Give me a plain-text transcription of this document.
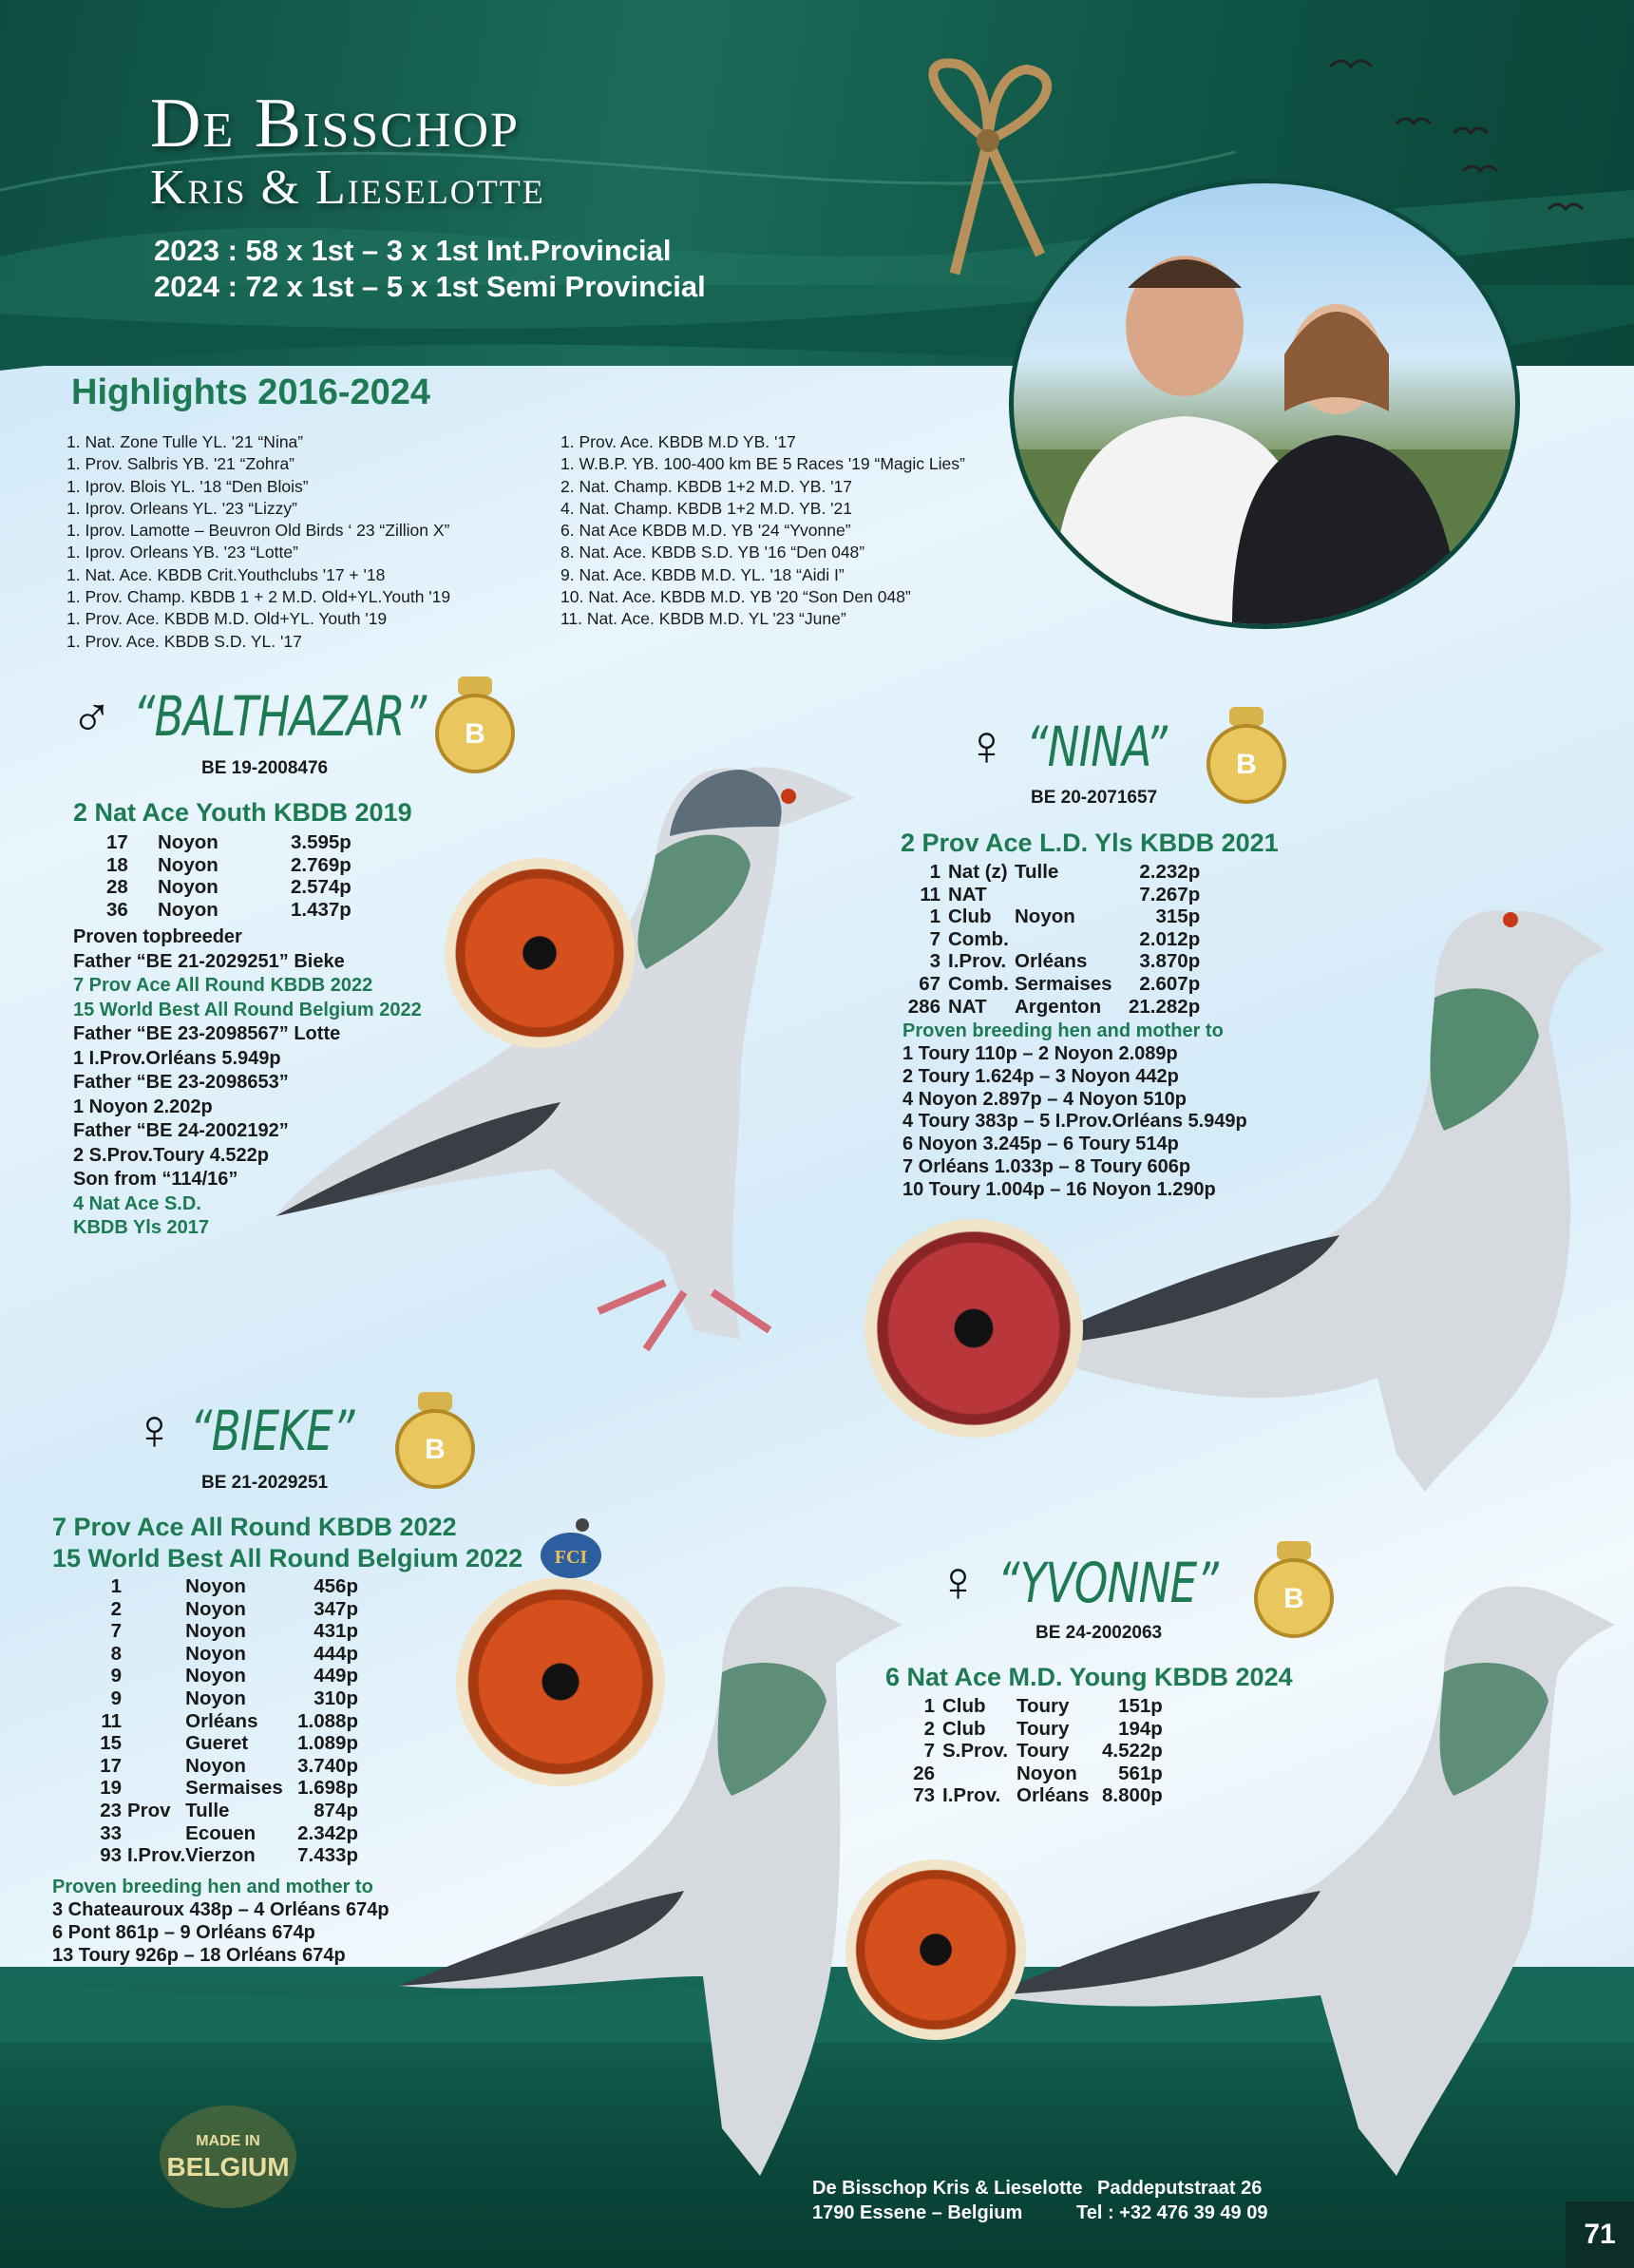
De Bisschop
Kris & Lieselotte
2023 : 58 x 1st – 3 x 1st Int.Provincial
2024 : 72 x 1st – 5 x 1st Semi Provincial
Highlights 2016-2024
1. Nat. Zone Tulle YL. '21 “Nina”
1. Prov. Salbris YB. '21 “Zohra”
1. Iprov. Blois YL. '18 “Den Blois”
1. Iprov. Orleans YL. '23 “Lizzy”
1. Iprov. Lamotte – Beuvron Old Birds ‘ 23 “Zillion X”
1. Iprov. Orleans YB. '23 “Lotte”
1. Nat. Ace. KBDB Crit.Youthclubs '17 + '18
1. Prov. Champ. KBDB 1 + 2 M.D. Old+YL.Youth '19
1. Prov. Ace. KBDB M.D. Old+YL. Youth '19
1. Prov. Ace. KBDB S.D. YL. '17
1. Prov. Ace. KBDB M.D YB. '17
1. W.B.P. YB. 100-400 km BE 5 Races '19 “Magic Lies”
2. Nat. Champ. KBDB 1+2 M.D. YB. '17
4. Nat. Champ. KBDB 1+2 M.D. YB. '21
6. Nat Ace KBDB M.D. YB '24 “Yvonne”
8. Nat. Ace. KBDB S.D. YB '16 “Den 048”
9. Nat. Ace. KBDB M.D. YL. '18 “Aidi I”
10. Nat. Ace. KBDB M.D. YB '20 “Son Den 048”
11. Nat. Ace. KBDB M.D. YL '23 “June”
B
B
B
B
♂ “BALTHAZAR”
BE 19-2008476
2 Nat Ace Youth KBDB 2019
17	Noyon	3.595p
18	Noyon	2.769p
28	Noyon	2.574p
36	Noyon	1.437p
Proven topbreeder
Father “BE 21-2029251” Bieke
7 Prov Ace All Round KBDB 2022
15 World Best All Round Belgium 2022
Father “BE 23-2098567” Lotte
1 I.Prov.Orléans 5.949p
Father “BE 23-2098653”
1 Noyon 2.202p
Father “BE 24-2002192”
2 S.Prov.Toury 4.522p
Son from “114/16”
4 Nat Ace S.D.
KBDB Yls 2017
♀ “NINA”
BE 20-2071657
2 Prov Ace L.D. Yls KBDB 2021
1	Nat (z)	Tulle	2.232p
11	NAT		7.267p
1	Club	Noyon	315p
7	Comb.		2.012p
3	I.Prov.	Orléans	3.870p
67	Comb.	Sermaises	2.607p
286	NAT	Argenton	21.282p
Proven breeding hen and mother to
1 Toury 110p – 2 Noyon 2.089p
2 Toury 1.624p – 3 Noyon 442p
4 Noyon 2.897p – 4 Noyon 510p
4 Toury 383p – 5 I.Prov.Orléans 5.949p
6 Noyon 3.245p – 6 Toury 514p
7 Orléans 1.033p – 8 Toury 606p
10 Toury 1.004p – 16 Noyon 1.290p
♀ “BIEKE”
BE 21-2029251
7 Prov Ace All Round KBDB 2022
15 World Best All Round Belgium 2022 FCI
1		Noyon	456p
2		Noyon	347p
7		Noyon	431p
8		Noyon	444p
9		Noyon	449p
9		Noyon	310p
11		Orléans	1.088p
15		Gueret	1.089p
17		Noyon	3.740p
19		Sermaises	1.698p
23	Prov	Tulle	874p
33		Ecouen	2.342p
93	I.Prov.	Vierzon	7.433p
Proven breeding hen and mother to
3 Chateauroux 438p – 4 Orléans 674p
6 Pont 861p – 9 Orléans 674p
13 Toury 926p – 18 Orléans 674p
♀ “YVONNE”
BE 24-2002063
6 Nat Ace M.D. Young KBDB 2024
1	Club	Toury	151p
2	Club	Toury	194p
7	S.Prov.	Toury	4.522p
26		Noyon	561p
73	I.Prov.	Orléans	8.800p
MADE IN
BELGIUM
De Bisschop Kris & Lieselotte Paddeputstraat 26
1790 Essene – Belgium	Tel : +32 476 39 49 09
71
